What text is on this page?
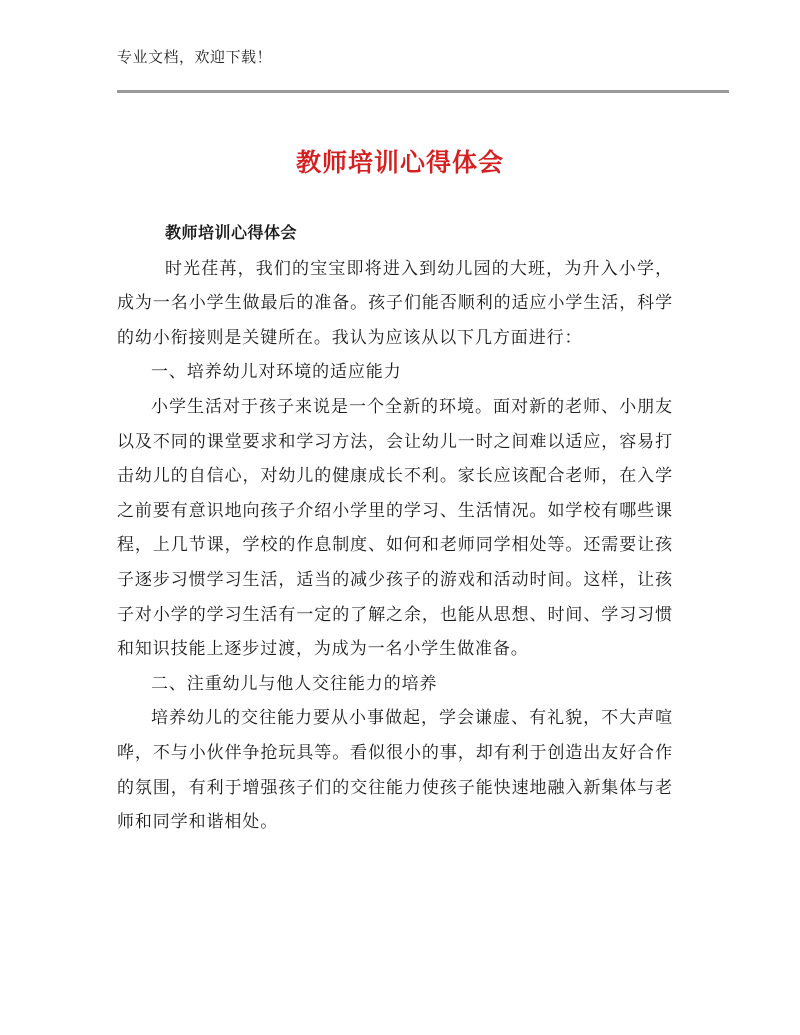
专业文档，欢迎下载！
教师培训心得体会
教师培训心得体会

时光荏苒，我们的宝宝即将进入到幼儿园的大班，为升入小学，成为一名小学生做最后的准备。孩子们能否顺利的适应小学生活，科学的幼小衔接则是关键所在。我认为应该从以下几方面进行：

一、培养幼儿对环境的适应能力

小学生活对于孩子来说是一个全新的环境。面对新的老师、小朋友以及不同的课堂要求和学习方法，会让幼儿一时之间难以适应，容易打击幼儿的自信心，对幼儿的健康成长不利。家长应该配合老师，在入学之前要有意识地向孩子介绍小学里的学习、生活情况。如学校有哪些课程，上几节课，学校的作息制度、如何和老师同学相处等。还需要让孩子逐步习惯学习生活，适当的减少孩子的游戏和活动时间。这样，让孩子对小学的学习生活有一定的了解之余，也能从思想、时间、学习习惯和知识技能上逐步过渡，为成为一名小学生做准备。

二、注重幼儿与他人交往能力的培养

培养幼儿的交往能力要从小事做起，学会谦虚、有礼貌，不大声喧哗，不与小伙伴争抢玩具等。看似很小的事，却有利于创造出友好合作的氛围，有利于增强孩子们的交往能力使孩子能快速地融入新集体与老师和同学和谐相处。
